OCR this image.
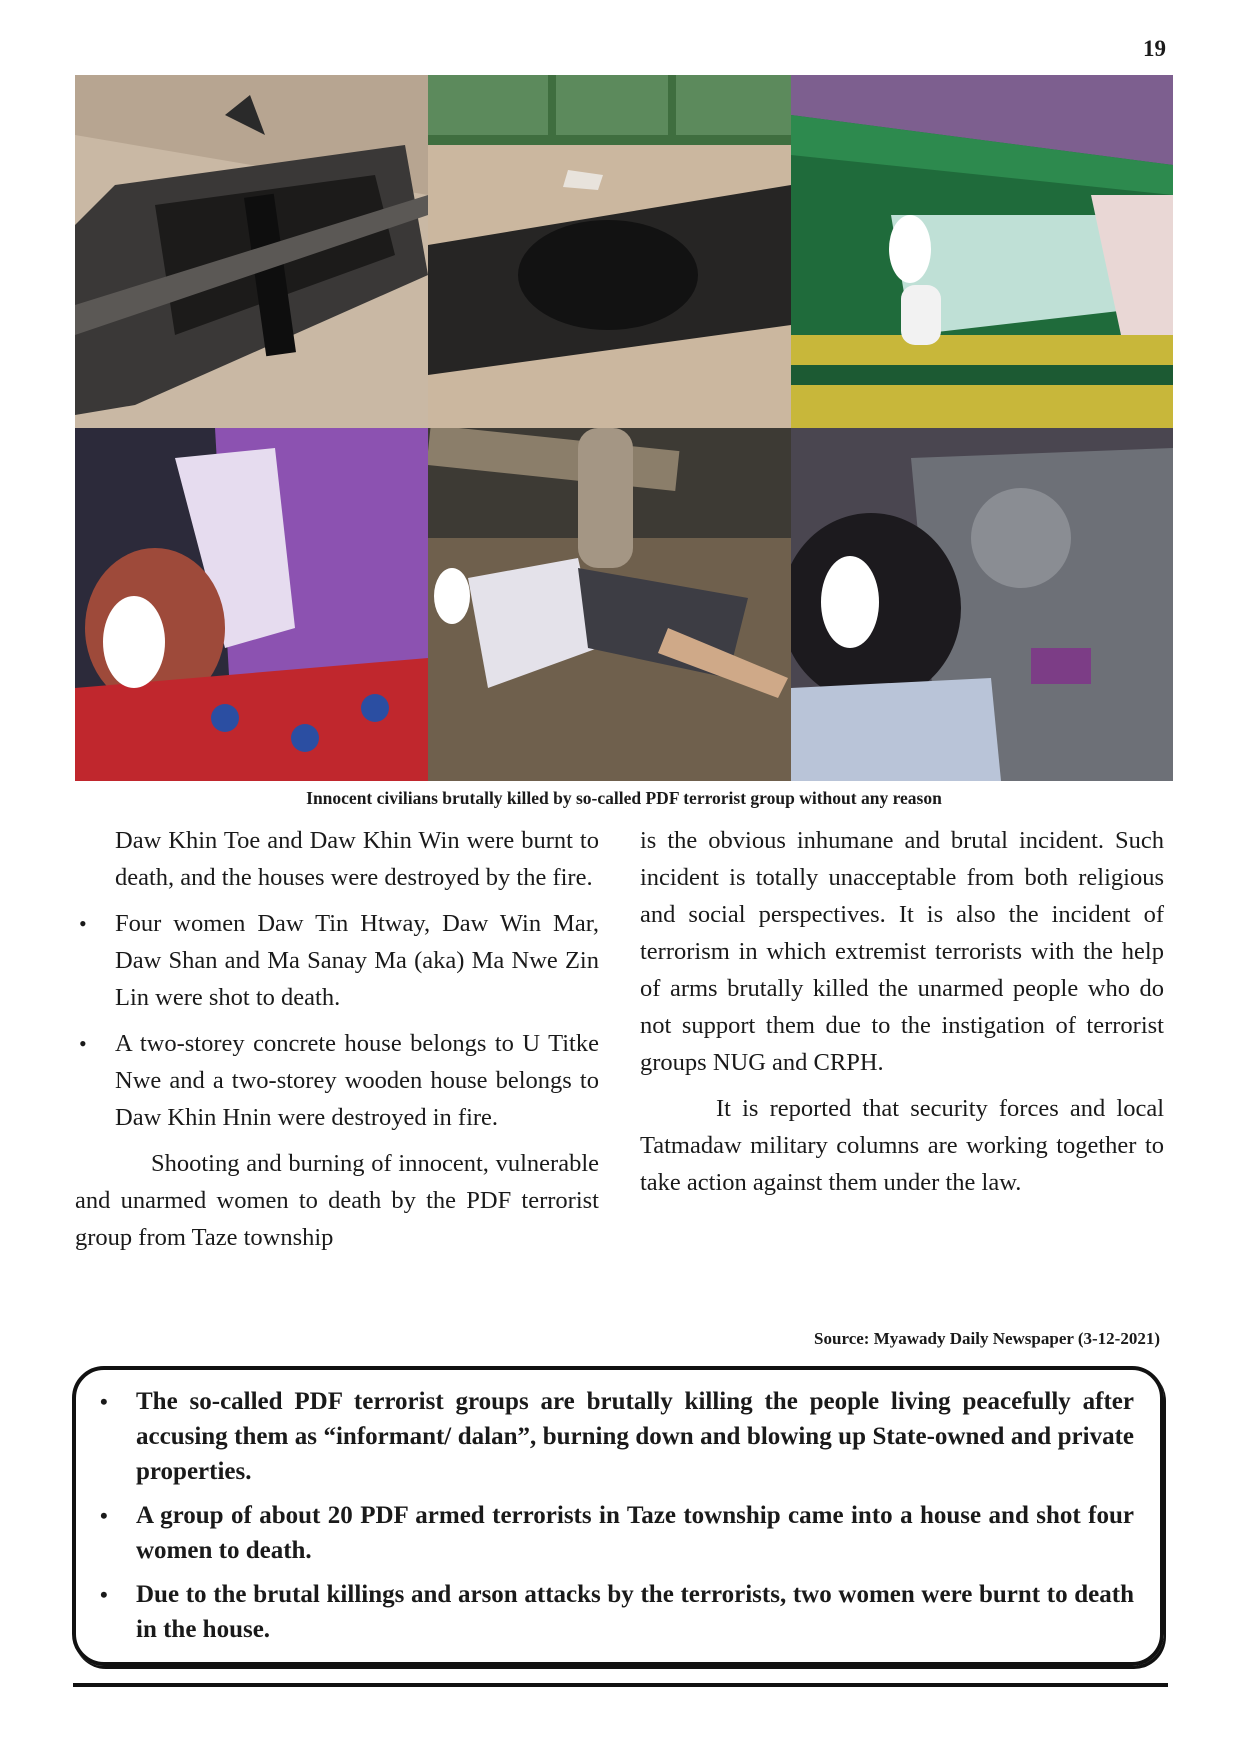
19
Innocent civilians brutally killed by so-called PDF terrorist group without any reason

Daw Khin Toe and Daw Khin Win were burnt to death, and the houses were destroyed by the fire.

• Four women Daw Tin Htway, Daw Win Mar, Daw Shan and Ma Sanay Ma (aka) Ma Nwe Zin Lin were shot to death.
• A two-storey concrete house belongs to U Titke Nwe and a two-storey wooden house belongs to Daw Khin Hnin were destroyed in fire.

Shooting and burning of innocent, vulnerable and unarmed women to death by the PDF terrorist group from Taze township

is the obvious inhumane and brutal incident. Such incident is totally unacceptable from both religious and social perspectives. It is also the incident of terrorism in which extremist terrorists with the help of arms brutally killed the unarmed people who do not support them due to the instigation of terrorist groups NUG and CRPH.

It is reported that security forces and local Tatmadaw military columns are working together to take action against them under the law.

Source: Myawady Daily Newspaper (3-12-2021)
• The so-called PDF terrorist groups are brutally killing the people living peacefully after accusing them as “informant/ dalan”, burning down and blowing up State-owned and private properties.
• A group of about 20 PDF armed terrorists in Taze township came into a house and shot four women to death.
• Due to the brutal killings and arson attacks by the terrorists, two women were burnt to death in the house.
